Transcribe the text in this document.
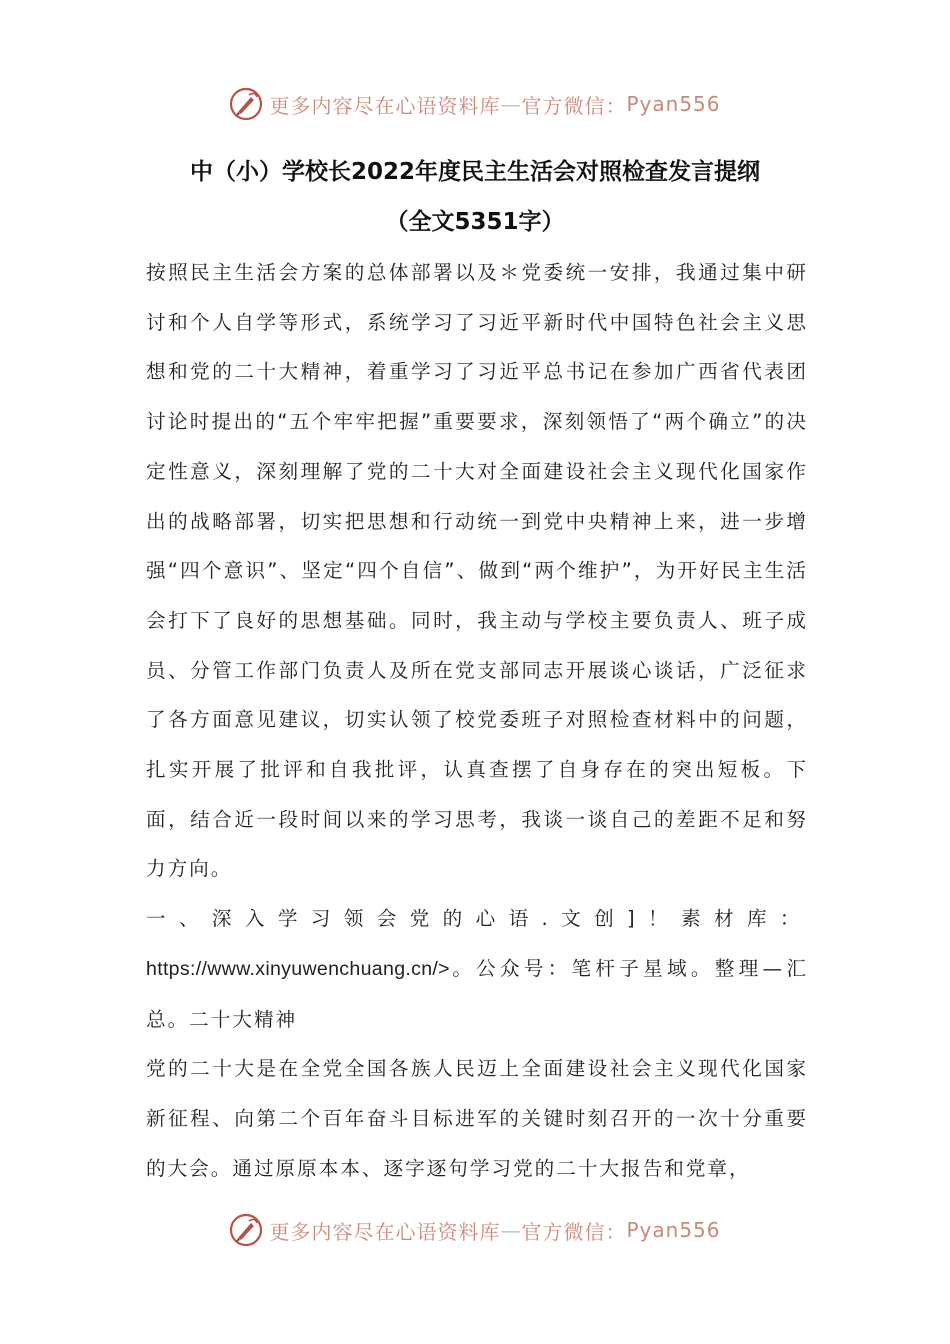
更多内容尽在心语资料库 — 官方微信： Pyan556
中（小）学校长2022年度民主生活会对照检查发言提纲
（全文5351字）

按照民主生活会方案的总体部署以及＊党委统一安排，我通过集中研讨和个人自学等形式，系统学习了习近平新时代中国特色社会主义思想和党的二十大精神，着重学习了习近平总书记在参加广西省代表团讨论时提出的“五个牢牢把握”重要要求，深刻领悟了“两个确立”的决定性意义，深刻理解了党的二十大对全面建设社会主义现代化国家作出的战略部署，切实把思想和行动统一到党中央精神上来，进一步增强“四个意识”、坚定“四个自信”、做到“两个维护”，为开好民主生活会打下了良好的思想基础。同时，我主动与学校主要负责人、班子成员、分管工作部门负责人及所在党支部同志开展谈心谈话，广泛征求了各方面意见建议，切实认领了校党委班子对照检查材料中的问题，扎实开展了批评和自我批评，认真查摆了自身存在的突出短板。下面，结合近一段时间以来的学习思考，我谈一谈自己的差距不足和努力方向。

一、深入学习领会党的心语.文创]！素材库：https://www.xinyuwenchuang.cn/>。公众号：笔杆子星域。整理—汇总。二十大精神

党的二十大是在全党全国各族人民迈上全面建设社会主义现代化国家新征程、向第二个百年奋斗目标进军的关键时刻召开的一次十分重要的大会。通过原原本本、逐字逐句学习党的二十大报告和党章，

更多内容尽在心语资料库 — 官方微信： Pyan556
